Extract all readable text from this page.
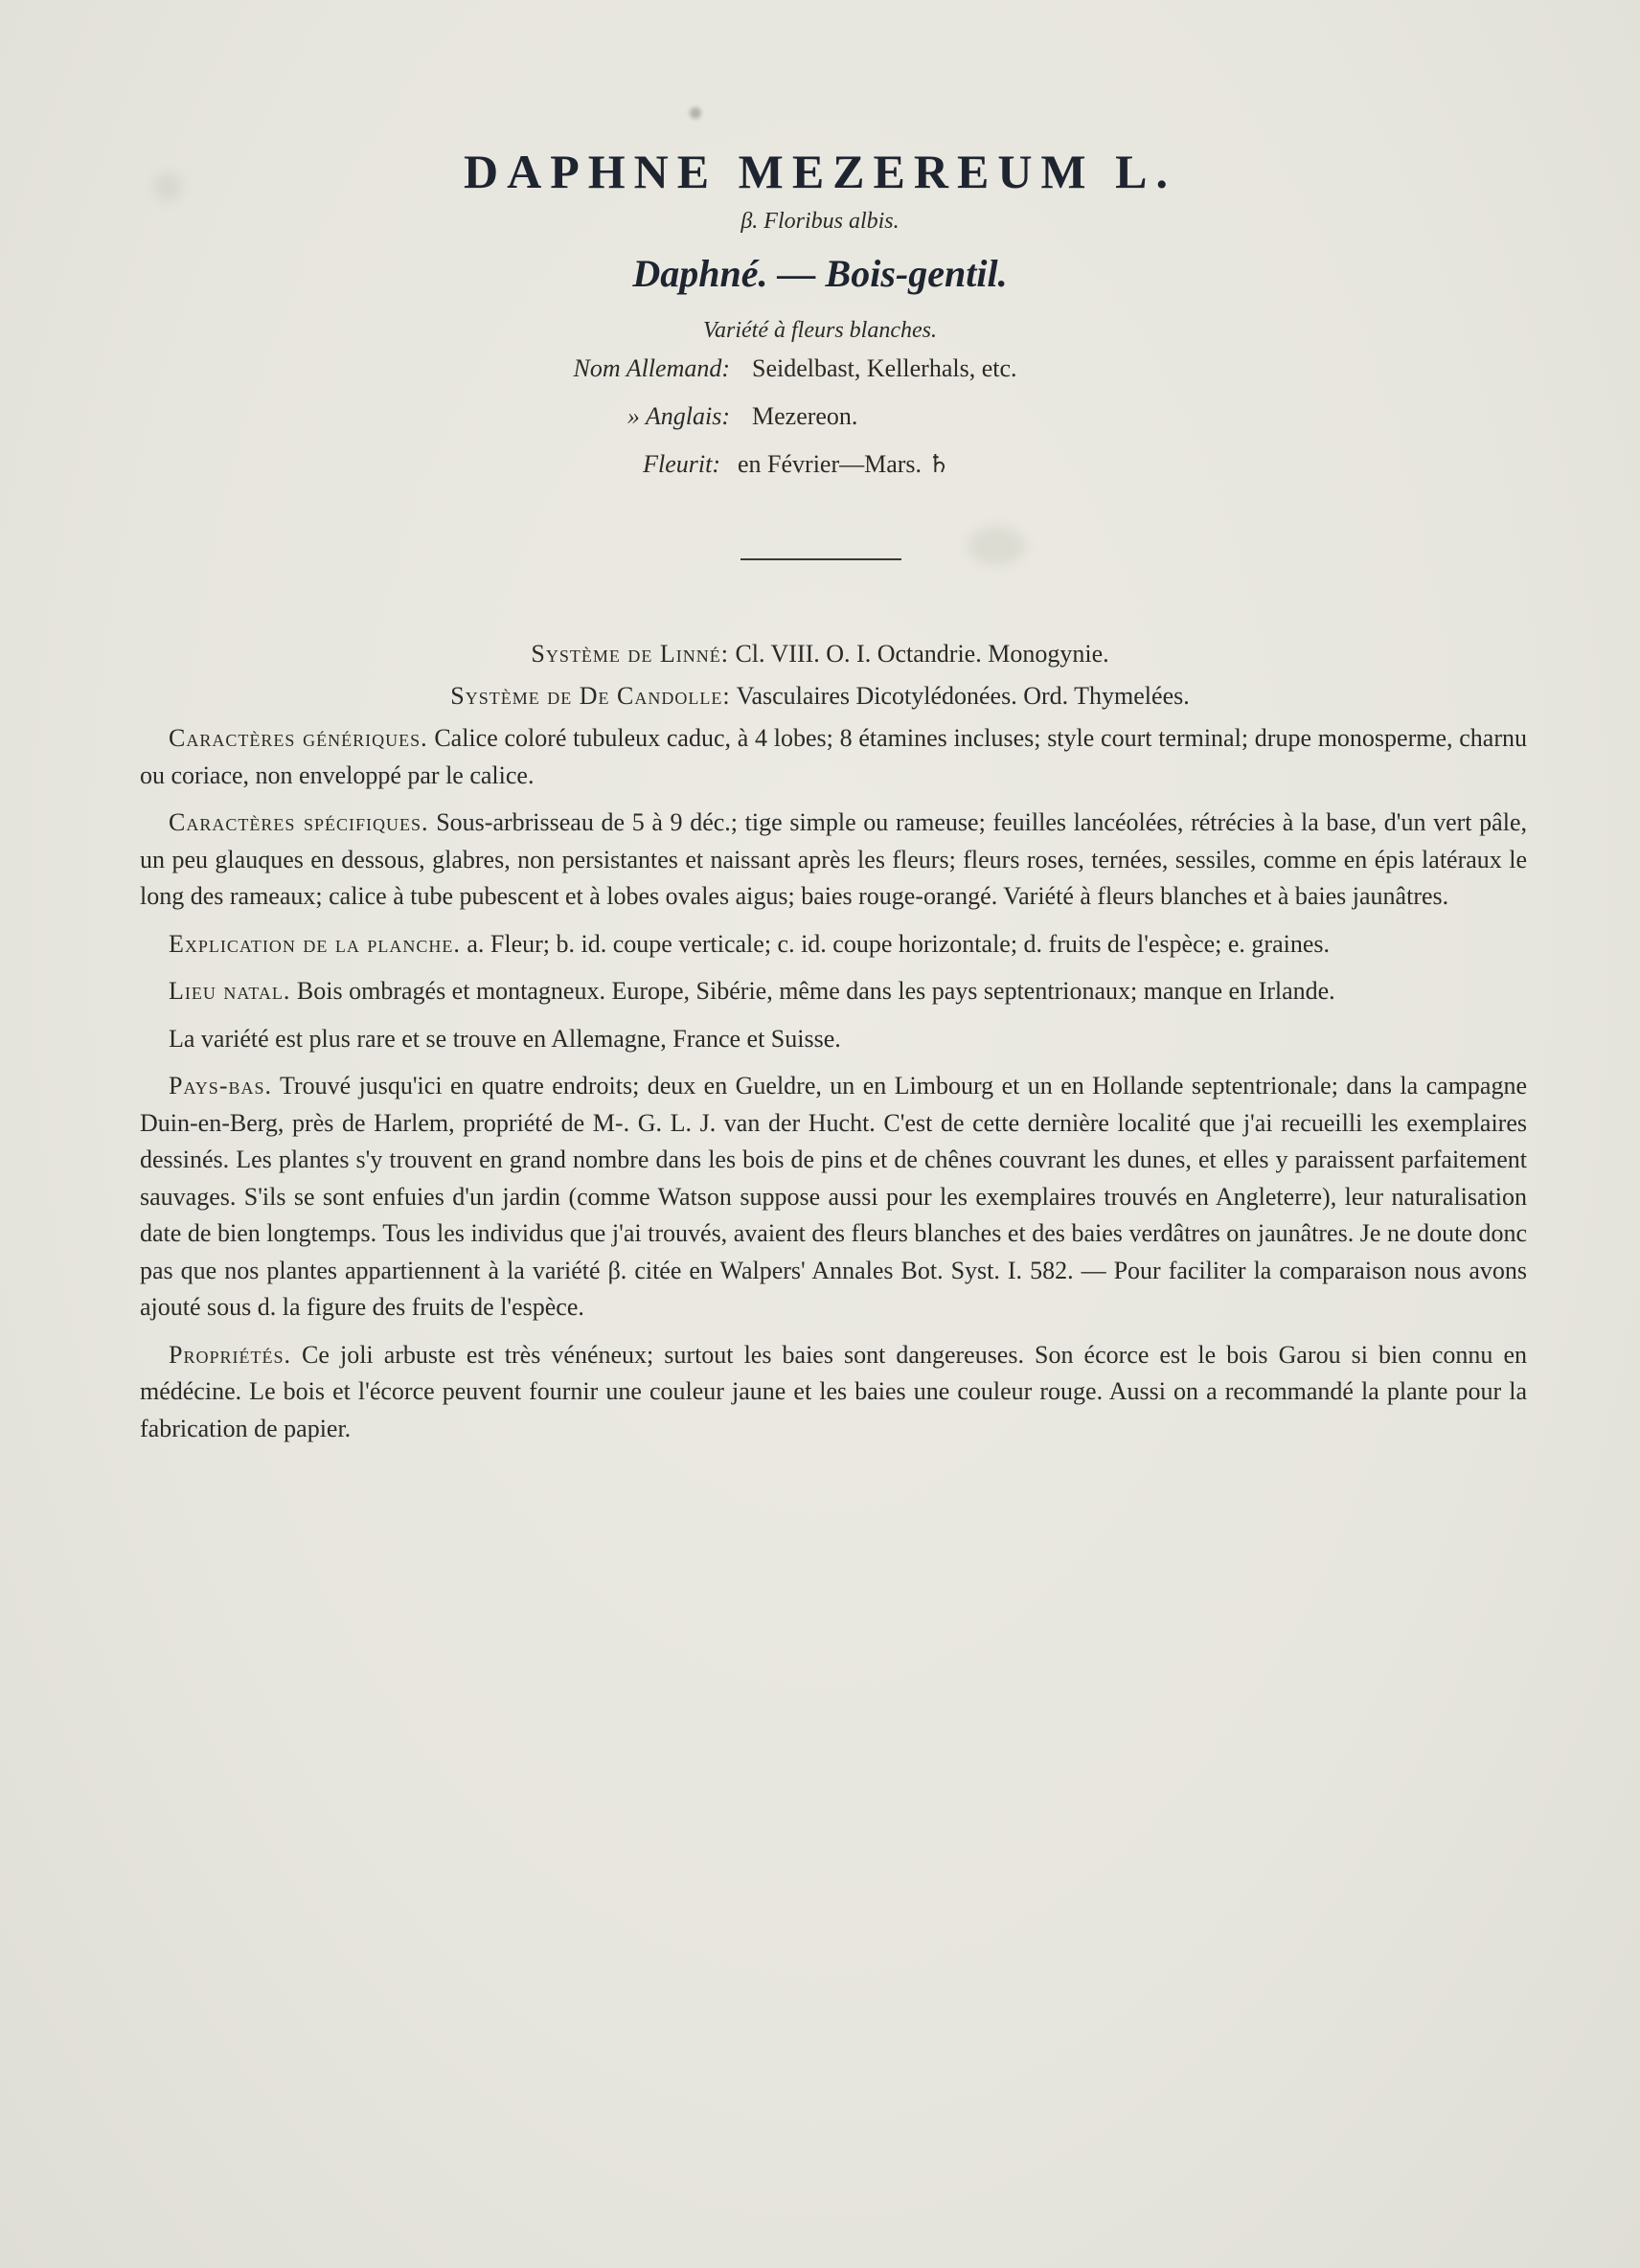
DAPHNE MEZEREUM L.
β. Floribus albis.
Daphné. — Bois-gentil.
Variété à fleurs blanches.
Nom Allemand: Seidelbast, Kellerhals, etc.
» Anglais: Mezereon.
Fleurit: en Février—Mars. ♄
Système de Linné: Cl. VIII. O. I. Octandrie. Monogynie.
Système de De Candolle: Vasculaires Dicotylédonées. Ord. Thymelées.

Caractères génériques. Calice coloré tubuleux caduc, à 4 lobes; 8 étamines incluses; style court terminal; drupe monosperme, charnu ou coriace, non enveloppé par le calice.

Caractères spécifiques. Sous-arbrisseau de 5 à 9 déc.; tige simple ou rameuse; feuilles lancéolées, rétrécies à la base, d'un vert pâle, un peu glauques en dessous, glabres, non persistantes et naissant après les fleurs; fleurs roses, ternées, sessiles, comme en épis latéraux le long des rameaux; calice à tube pubescent et à lobes ovales aigus; baies rouge-orangé. Variété à fleurs blanches et à baies jaunâtres.

Explication de la planche. a. Fleur; b. id. coupe verticale; c. id. coupe horizontale; d. fruits de l'espèce; e. graines.

Lieu natal. Bois ombragés et montagneux. Europe, Sibérie, même dans les pays septentrionaux; manque en Irlande.

La variété est plus rare et se trouve en Allemagne, France et Suisse.

Pays-bas. Trouvé jusqu'ici en quatre endroits; deux en Gueldre, un en Limbourg et un en Hollande septentrionale; dans la campagne Duin-en-Berg, près de Harlem, propriété de M-. G. L. J. van der Hucht. C'est de cette dernière localité que j'ai recueilli les exemplaires dessinés. Les plantes s'y trouvent en grand nombre dans les bois de pins et de chênes couvrant les dunes, et elles y paraissent parfaitement sauvages. S'ils se sont enfuies d'un jardin (comme Watson suppose aussi pour les exemplaires trouvés en Angleterre), leur naturalisation date de bien longtemps. Tous les individus que j'ai trouvés, avaient des fleurs blanches et des baies verdâtres on jaunâtres. Je ne doute donc pas que nos plantes appartiennent à la variété β. citée en Walpers' Annales Bot. Syst. I. 582. — Pour faciliter la comparaison nous avons ajouté sous d. la figure des fruits de l'espèce.

Propriétés. Ce joli arbuste est très vénéneux; surtout les baies sont dangereuses. Son écorce est le bois Garou si bien connu en médécine. Le bois et l'écorce peuvent fournir une couleur jaune et les baies une couleur rouge. Aussi on a recommandé la plante pour la fabrication de papier.
